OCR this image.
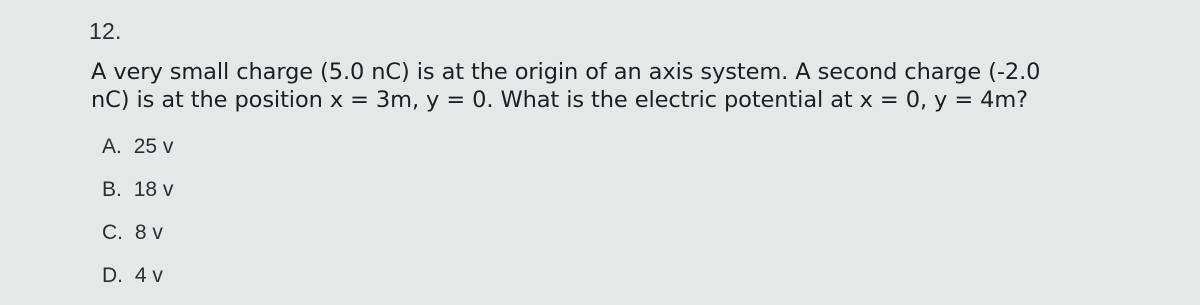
12.
A very small charge (5.0 nC) is at the origin of an axis system. A second charge (-2.0
nC) is at the position x = 3m, y = 0. What is the electric potential at x = 0, y = 4m?
A. 25 v
B. 18 v
C. 8 v
D. 4 v
